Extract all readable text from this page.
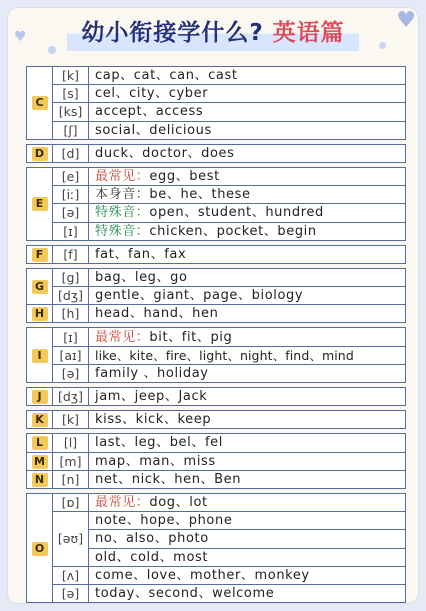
♥
♥
幼小衔接学什么? 英语篇
C	[k]	cap、cat、can、cast
	[s]	cel、city、cyber
	[ks]	accept、access
	[ʃ]	social、delicious

D	[d]	duck、doctor、does

E	[e]	最常见：egg、best
	[iː]	本身音：be、he、these
	[ə]	特殊音：open、student、hundred
	[ɪ]	特殊音：chicken、pocket、begin

F	[f]	fat、fan、fax

G	[g]	bag、leg、go
	[dʒ]	gentle、giant、page、biology
H	[h]	head、hand、hen

I	[ɪ]	最常见：bit、fit、pig
	[aɪ]	like、kite、fire、light、night、find、mind
	[ə]	family 、holiday

J	[dʒ]	jam、jeep、Jack

K	[k]	kiss、kick、keep

L	[l]	last、leg、bel、fel
M	[m]	map、man、miss
N	[n]	net、nick、hen、Ben

O	[ɒ]	最常见：dog、lot
	[əʊ]	note、hope、phone
		no、also、photo
		old、cold、most
	[ʌ]	come、love、mother、monkey
	[ə]	today、second、welcome
